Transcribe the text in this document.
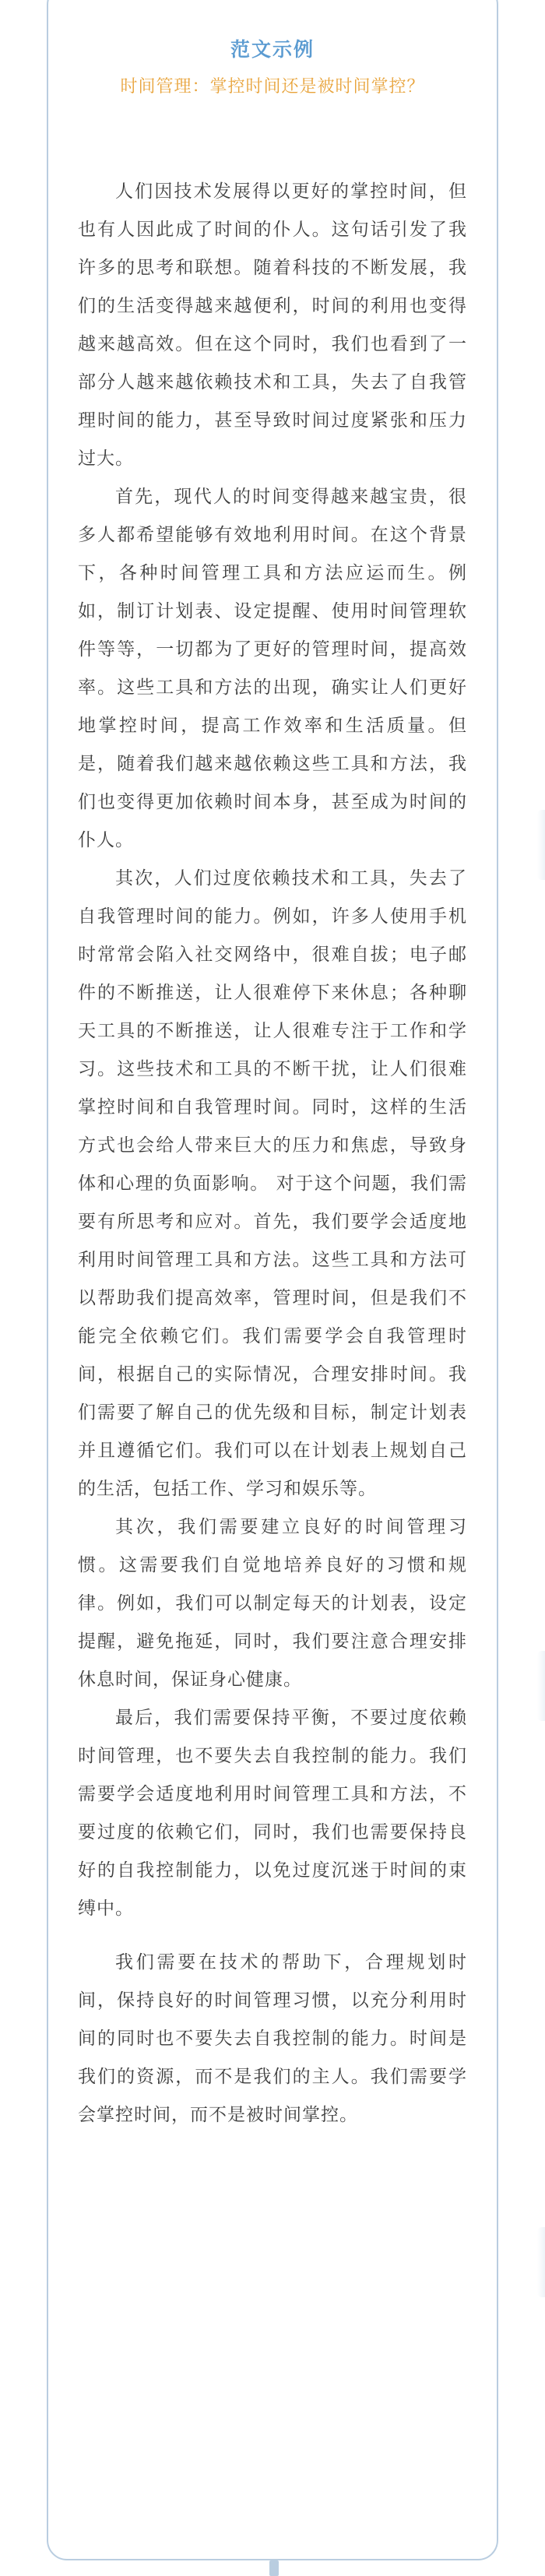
范文示例
时间管理：掌控时间还是被时间掌控？

人们因技术发展得以更好的掌控时间，但也有人因此成了时间的仆人。这句话引发了我许多的思考和联想。随着科技的不断发展，我们的生活变得越来越便利，时间的利用也变得越来越高效。但在这个同时，我们也看到了一部分人越来越依赖技术和工具，失去了自我管理时间的能力，甚至导致时间过度紧张和压力过大。

首先，现代人的时间变得越来越宝贵，很多人都希望能够有效地利用时间。在这个背景下，各种时间管理工具和方法应运而生。例如，制订计划表、设定提醒、使用时间管理软件等等，一切都为了更好的管理时间，提高效率。这些工具和方法的出现，确实让人们更好地掌控时间，提高工作效率和生活质量。但是，随着我们越来越依赖这些工具和方法，我们也变得更加依赖时间本身，甚至成为时间的仆人。

其次，人们过度依赖技术和工具，失去了自我管理时间的能力。例如，许多人使用手机时常常会陷入社交网络中，很难自拔；电子邮件的不断推送，让人很难停下来休息；各种聊天工具的不断推送，让人很难专注于工作和学习。这些技术和工具的不断干扰，让人们很难掌控时间和自我管理时间。同时，这样的生活方式也会给人带来巨大的压力和焦虑，导致身体和心理的负面影响。 对于这个问题，我们需要有所思考和应对。首先，我们要学会适度地利用时间管理工具和方法。这些工具和方法可以帮助我们提高效率，管理时间，但是我们不能完全依赖它们。我们需要学会自我管理时间，根据自己的实际情况，合理安排时间。我们需要了解自己的优先级和目标，制定计划表并且遵循它们。我们可以在计划表上规划自己的生活，包括工作、学习和娱乐等。

其次，我们需要建立良好的时间管理习惯。这需要我们自觉地培养良好的习惯和规律。例如，我们可以制定每天的计划表，设定提醒，避免拖延，同时，我们要注意合理安排休息时间，保证身心健康。

最后，我们需要保持平衡，不要过度依赖时间管理，也不要失去自我控制的能力。我们需要学会适度地利用时间管理工具和方法，不要过度的依赖它们，同时，我们也需要保持良好的自我控制能力，以免过度沉迷于时间的束缚中。

我们需要在技术的帮助下，合理规划时间，保持良好的时间管理习惯，以充分利用时间的同时也不要失去自我控制的能力。时间是我们的资源，而不是我们的主人。我们需要学会掌控时间，而不是被时间掌控。
